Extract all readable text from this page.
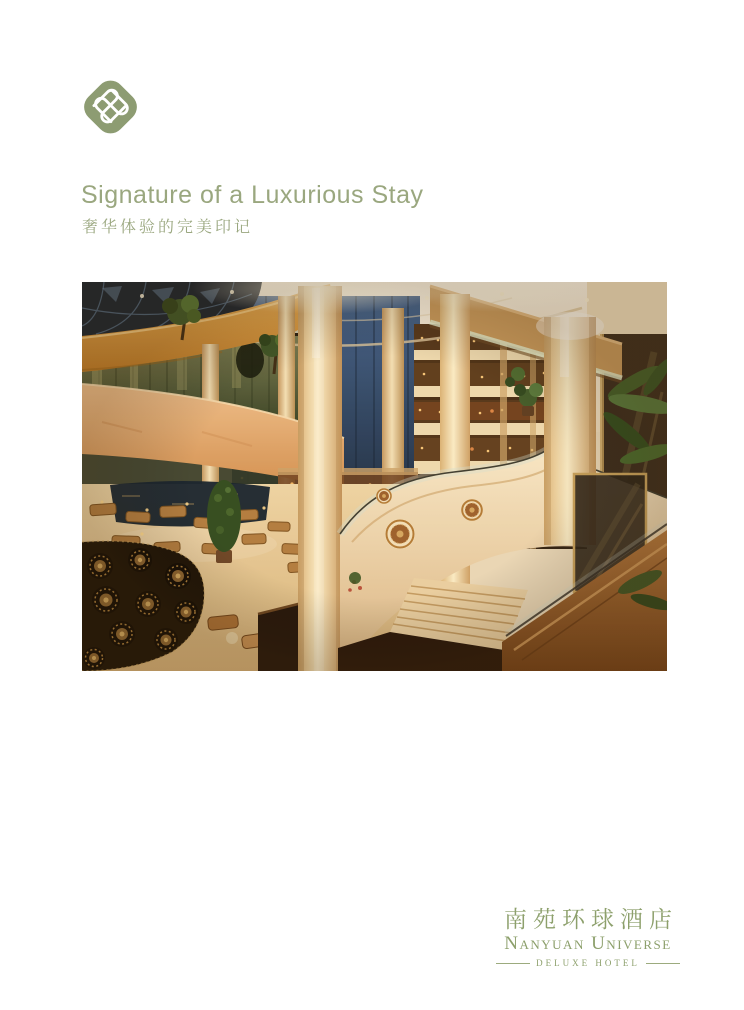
Signature of a Luxurious Stay
奢华体验的完美印记
南苑环球酒店
Nanyuan Universe
DELUXE HOTEL
